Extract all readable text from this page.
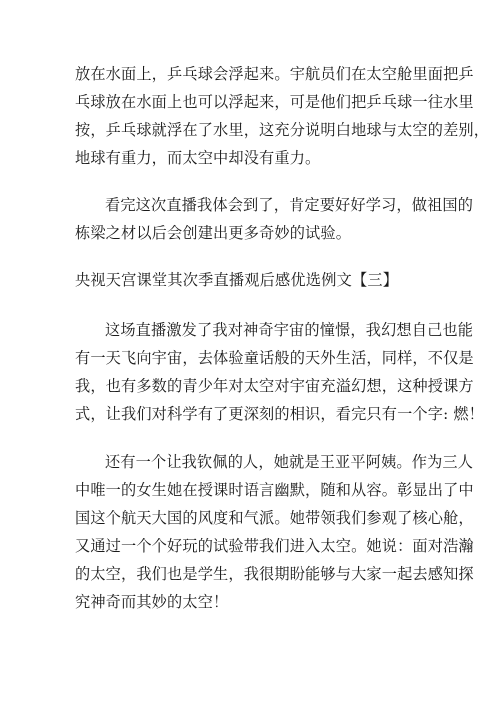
放在水面上，乒乓球会浮起来。宇航员们在太空舱里面把乒
乓球放在水面上也可以浮起来，可是他们把乒乓球一往水里
按，乒乓球就浮在了水里，这充分说明白地球与太空的差别，
地球有重力，而太空中却没有重力。
看完这次直播我体会到了，肯定要好好学习，做祖国的
栋梁之材以后会创建出更多奇妙的试验。
央视天宫课堂其次季直播观后感优选例文【三】
这场直播激发了我对神奇宇宙的憧憬，我幻想自己也能
有一天飞向宇宙，去体验童话般的天外生活，同样，不仅是
我，也有多数的青少年对太空对宇宙充溢幻想，这种授课方
式，让我们对科学有了更深刻的相识，看完只有一个字: 燃！
还有一个让我钦佩的人，她就是王亚平阿姨。作为三人
中唯一的女生她在授课时语言幽默，随和从容。彰显出了中
国这个航天大国的风度和气派。她带领我们参观了核心舱，
又通过一个个好玩的试验带我们进入太空。她说：面对浩瀚
的太空，我们也是学生，我很期盼能够与大家一起去感知探
究神奇而其妙的太空！
